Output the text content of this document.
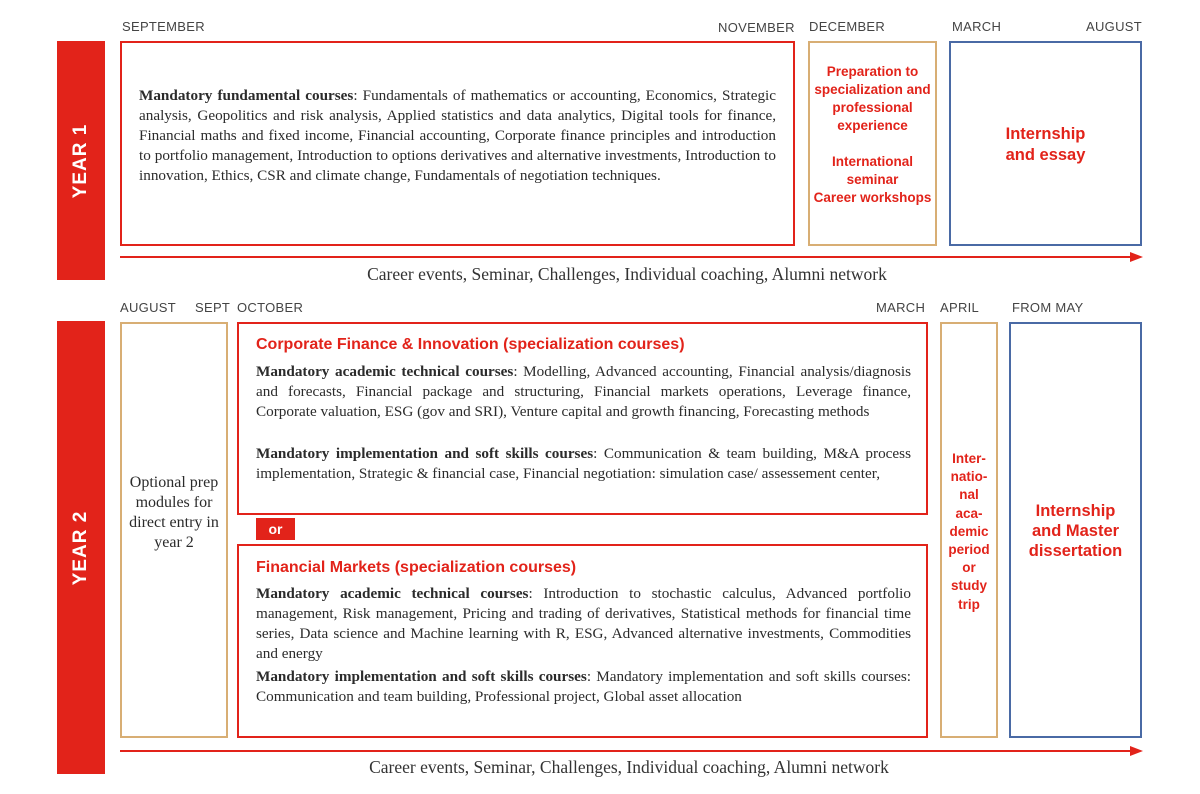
SEPTEMBER	NOVEMBER DECEMBER	MARCH	AUGUST
YEAR 1
Mandatory fundamental courses: Fundamentals of mathematics or accounting, Economics, Strategic analysis, Geopolitics and risk analysis, Applied statistics and data analytics, Digital tools for finance, Financial maths and fixed income, Financial accounting, Corporate finance principles and introduction to portfolio management, Introduction to options derivatives and alternative investments, Introduction to innovation, Ethics, CSR and climate change, Fundamentals of negotiation techniques.
Preparation to specialization and professional experience
International seminar
Career workshops
Internship and essay
Career events, Seminar, Challenges, Individual coaching, Alumni network
AUGUST SEPT OCTOBER	MARCH APRIL	FROM MAY
YEAR 2
Optional prep modules for direct entry in year 2
Corporate Finance & Innovation (specialization courses)
Mandatory academic technical courses: Modelling, Advanced accounting, Financial analysis/diagnosis and forecasts, Financial package and structuring, Financial markets operations, Leverage finance, Corporate valuation, ESG (gov and SRI), Venture capital and growth financing, Forecasting methods
Mandatory implementation and soft skills courses: Communication & team building, M&A process implementation, Strategic & financial case, Financial negotiation: simulation case/ assessement center,
or
Financial Markets (specialization courses)
Mandatory academic technical courses: Introduction to stochastic calculus, Advanced portfolio management, Risk management, Pricing and trading of derivatives, Statistical methods for financial time series, Data science and Machine learning with R, ESG, Advanced alternative investments, Commodities and energy
Mandatory implementation and soft skills courses: Mandatory implementation and soft skills courses: Communication and team building, Professional project, Global asset allocation
Inter-
natio-
nal
aca-
demic
period
or
study
trip
Internship and Master dissertation
Career events, Seminar, Challenges, Individual coaching, Alumni network
